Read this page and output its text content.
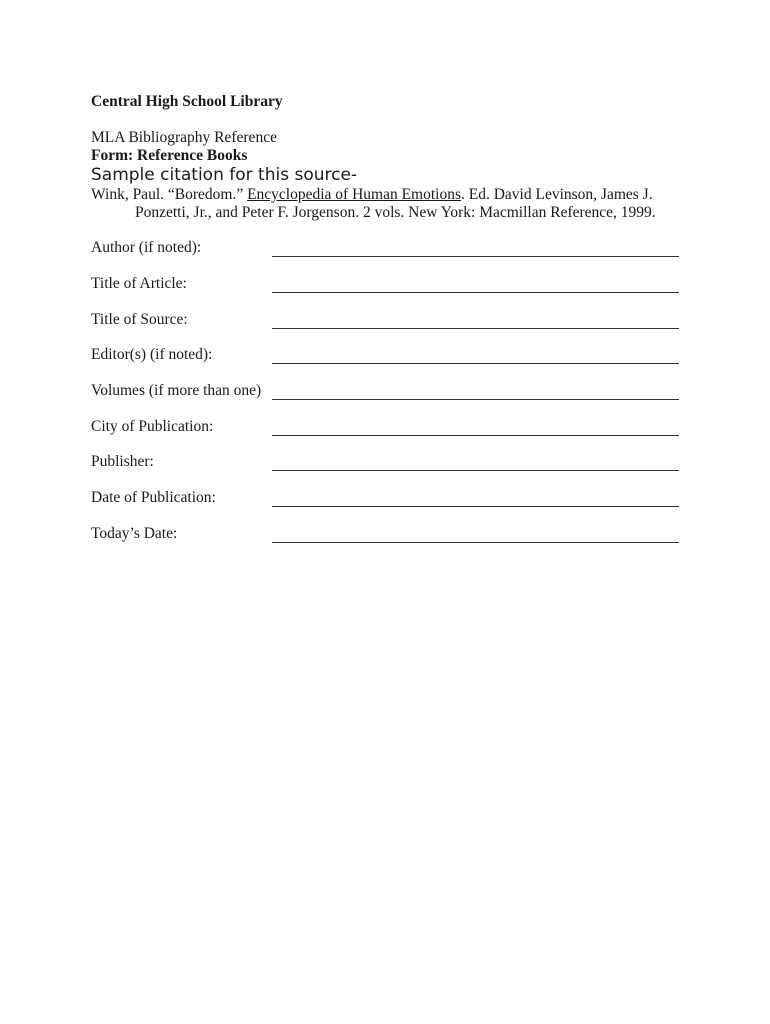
Central High School Library
MLA Bibliography Reference
Form: Reference Books
Sample citation for this source-
Wink, Paul. “Boredom.” Encyclopedia of Human Emotions. Ed. David Levinson, James J.
Ponzetti, Jr., and Peter F. Jorgenson. 2 vols. New York: Macmillan Reference, 1999.
Author (if noted):
Title of Article:
Title of Source:
Editor(s) (if noted):
Volumes (if more than one)
City of Publication:
Publisher:
Date of Publication:
Today’s Date:
